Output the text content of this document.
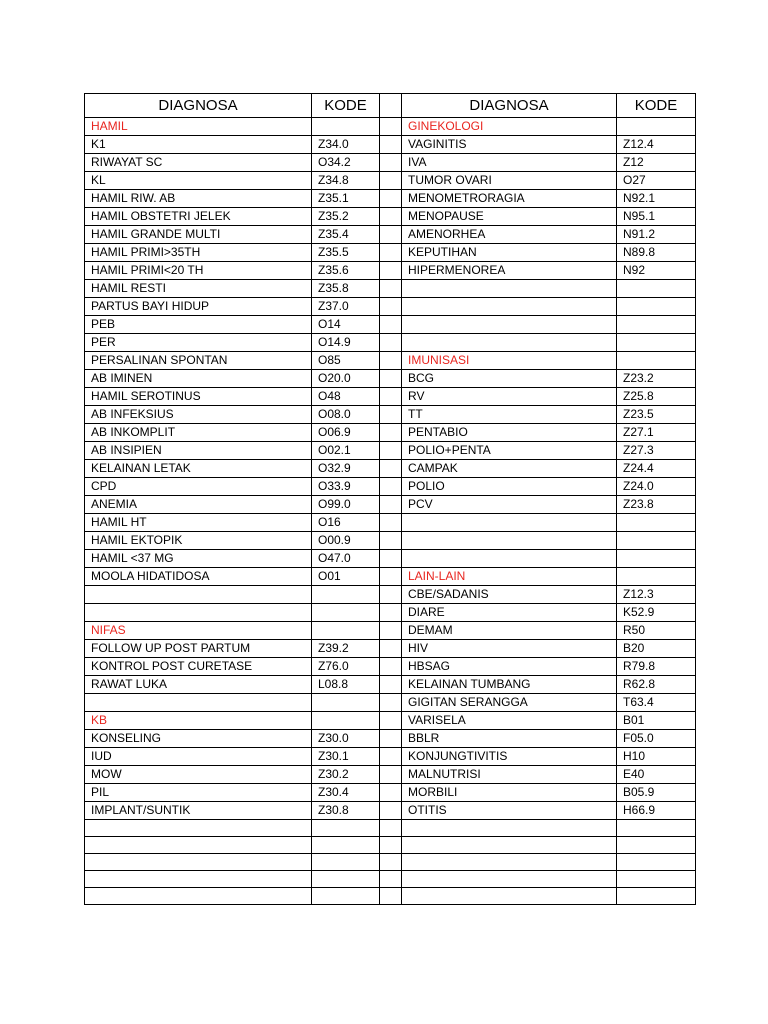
DIAGNOSA	KODE		DIAGNOSA	KODE
HAMIL			GINEKOLOGI	
K1	Z34.0		VAGINITIS	Z12.4
RIWAYAT SC	O34.2		IVA	Z12
KL	Z34.8		TUMOR OVARI	O27
HAMIL RIW. AB	Z35.1		MENOMETRORAGIA	N92.1
HAMIL OBSTETRI JELEK	Z35.2		MENOPAUSE	N95.1
HAMIL GRANDE MULTI	Z35.4		AMENORHEA	N91.2
HAMIL PRIMI>35TH	Z35.5		KEPUTIHAN	N89.8
HAMIL PRIMI<20 TH	Z35.6		HIPERMENOREA	N92
HAMIL RESTI	Z35.8			
PARTUS BAYI HIDUP	Z37.0			
PEB	O14			
PER	O14.9			
PERSALINAN SPONTAN	O85		IMUNISASI	
AB IMINEN	O20.0		BCG	Z23.2
HAMIL SEROTINUS	O48		RV	Z25.8
AB INFEKSIUS	O08.0		TT	Z23.5
AB INKOMPLIT	O06.9		PENTABIO	Z27.1
AB INSIPIEN	O02.1		POLIO+PENTA	Z27.3
KELAINAN LETAK	O32.9		CAMPAK	Z24.4
CPD	O33.9		POLIO	Z24.0
ANEMIA	O99.0		PCV	Z23.8
HAMIL HT	O16			
HAMIL EKTOPIK	O00.9			
HAMIL <37 MG	O47.0			
MOOLA HIDATIDOSA	O01		LAIN-LAIN	
			CBE/SADANIS	Z12.3
			DIARE	K52.9
NIFAS			DEMAM	R50
FOLLOW UP POST PARTUM	Z39.2		HIV	B20
KONTROL POST CURETASE	Z76.0		HBSAG	R79.8
RAWAT LUKA	L08.8		KELAINAN TUMBANG	R62.8
			GIGITAN SERANGGA	T63.4
KB			VARISELA	B01
KONSELING	Z30.0		BBLR	F05.0
IUD	Z30.1		KONJUNGTIVITIS	H10
MOW	Z30.2		MALNUTRISI	E40
PIL	Z30.4		MORBILI	B05.9
IMPLANT/SUNTIK	Z30.8		OTITIS	H66.9
